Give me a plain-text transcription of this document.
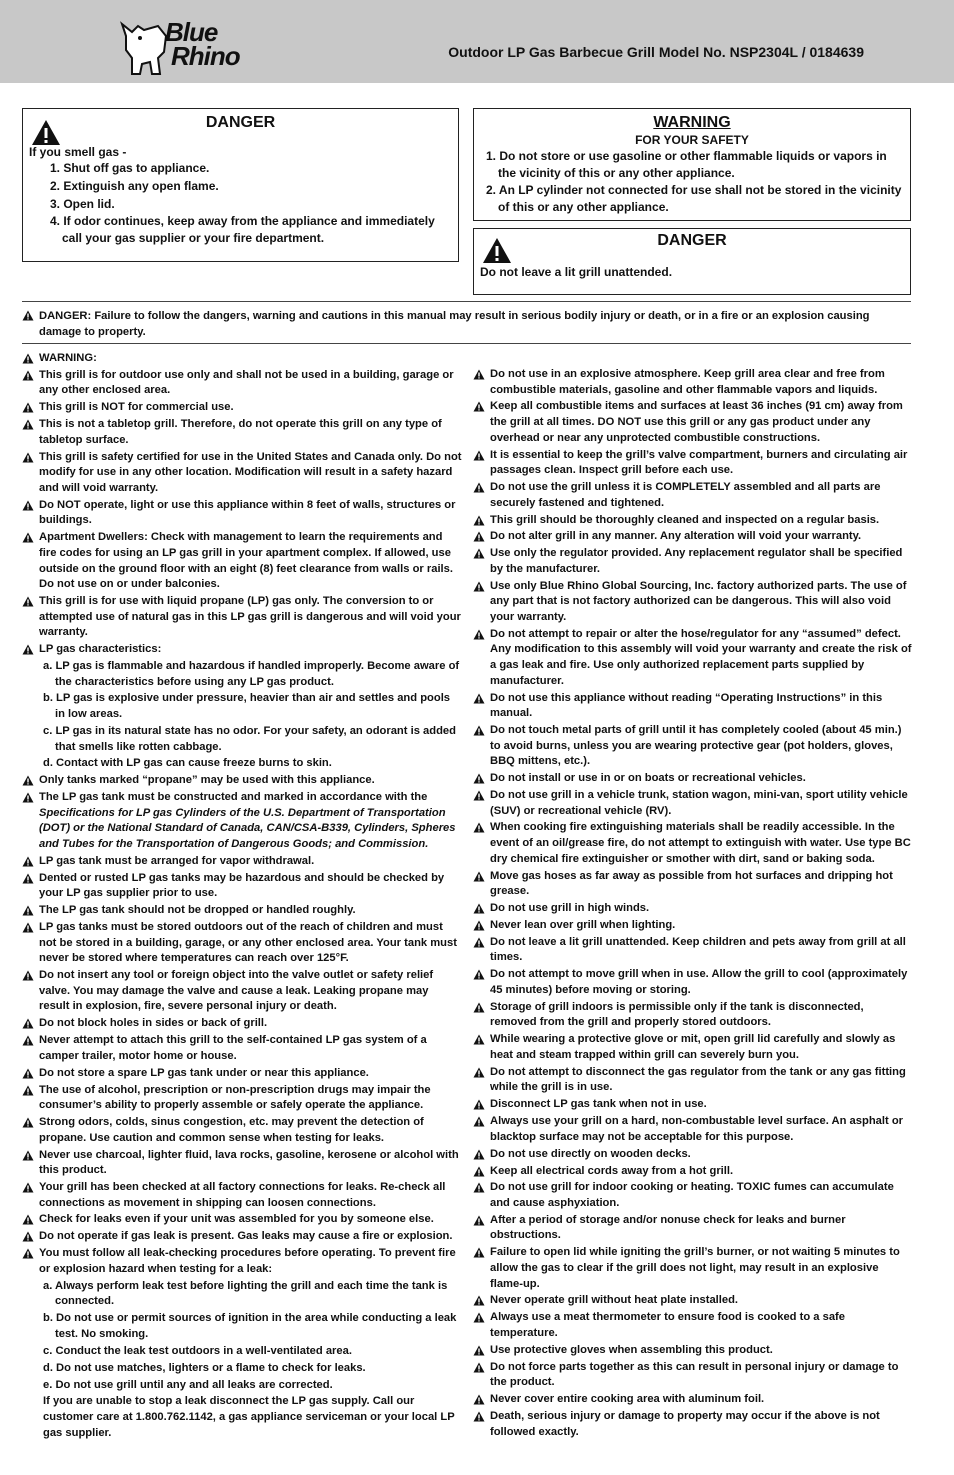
Blue
Rhino	Outdoor LP Gas Barbecue Grill Model No. NSP2304L / 0184639
DANGER
If you smell gas -
1. Shut off gas to appliance.
2. Extinguish any open flame.
3. Open lid.
4. If odor continues, keep away from the appliance and immediately call your gas supplier or your fire department.
WARNING
FOR YOUR SAFETY
1. Do not store or use gasoline or other flammable liquids or vapors in the vicinity of this or any other appliance.
2. An LP cylinder not connected for use shall not be stored in the vicinity of this or any other appliance.
DANGER
Do not leave a lit grill unattended.
DANGER: Failure to follow the dangers, warning and cautions in this manual may result in serious bodily injury or death, or in a fire or an explosion causing damage to property.
WARNING:
This grill is for outdoor use only and shall not be used in a building, garage or any other enclosed area.
This grill is NOT for commercial use.
This is not a tabletop grill. Therefore, do not operate this grill on any type of tabletop surface.
This grill is safety certified for use in the United States and Canada only. Do not modify for use in any other location. Modification will result in a safety hazard and will void warranty.
Do NOT operate, light or use this appliance within 8 feet of walls, structures or buildings.
Apartment Dwellers: Check with management to learn the requirements and fire codes for using an LP gas grill in your apartment complex. If allowed, use outside on the ground floor with an eight (8) feet clearance from walls or rails. Do not use on or under balconies.
This grill is for use with liquid propane (LP) gas only. The conversion to or attempted use of natural gas in this LP gas grill is dangerous and will void your warranty.
LP gas characteristics:
a. LP gas is flammable and hazardous if handled improperly. Become aware of the characteristics before using any LP gas product.
b. LP gas is explosive under pressure, heavier than air and settles and pools in low areas.
c. LP gas in its natural state has no odor. For your safety, an odorant is added that smells like rotten cabbage.
d. Contact with LP gas can cause freeze burns to skin.
Only tanks marked “propane” may be used with this appliance.
The LP gas tank must be constructed and marked in accordance with the Specifications for LP gas Cylinders of the U.S. Department of Transportation (DOT) or the National Standard of Canada, CAN/CSA-B339, Cylinders, Spheres and Tubes for the Transportation of Dangerous Goods; and Commission.
LP gas tank must be arranged for vapor withdrawal.
Dented or rusted LP gas tanks may be hazardous and should be checked by your LP gas supplier prior to use.
The LP gas tank should not be dropped or handled roughly.
LP gas tanks must be stored outdoors out of the reach of children and must not be stored in a building, garage, or any other enclosed area. Your tank must never be stored where temperatures can reach over 125°F.
Do not insert any tool or foreign object into the valve outlet or safety relief valve. You may damage the valve and cause a leak. Leaking propane may result in explosion, fire, severe personal injury or death.
Do not block holes in sides or back of grill.
Never attempt to attach this grill to the self-contained LP gas system of a camper trailer, motor home or house.
Do not store a spare LP gas tank under or near this appliance.
The use of alcohol, prescription or non-prescription drugs may impair the consumer’s ability to properly assemble or safely operate the appliance.
Strong odors, colds, sinus congestion, etc. may prevent the detection of propane. Use caution and common sense when testing for leaks.
Never use charcoal, lighter fluid, lava rocks, gasoline, kerosene or alcohol with this product.
Your grill has been checked at all factory connections for leaks. Re-check all connections as movement in shipping can loosen connections.
Check for leaks even if your unit was assembled for you by someone else.
Do not operate if gas leak is present. Gas leaks may cause a fire or explosion.
You must follow all leak-checking procedures before operating. To prevent fire or explosion hazard when testing for a leak:
a. Always perform leak test before lighting the grill and each time the tank is connected.
b. Do not use or permit sources of ignition in the area while conducting a leak test. No smoking.
c. Conduct the leak test outdoors in a well-ventilated area.
d. Do not use matches, lighters or a flame to check for leaks.
e. Do not use grill until any and all leaks are corrected.
If you are unable to stop a leak disconnect the LP gas supply. Call our customer care at 1.800.762.1142, a gas appliance serviceman or your local LP gas supplier.
Do not use in an explosive atmosphere. Keep grill area clear and free from combustible materials, gasoline and other flammable vapors and liquids.
Keep all combustible items and surfaces at least 36 inches (91 cm) away from the grill at all times. DO NOT use this grill or any gas product under any overhead or near any unprotected combustible constructions.
It is essential to keep the grill’s valve compartment, burners and circulating air passages clean. Inspect grill before each use.
Do not use the grill unless it is COMPLETELY assembled and all parts are securely fastened and tightened.
This grill should be thoroughly cleaned and inspected on a regular basis.
Do not alter grill in any manner. Any alteration will void your warranty.
Use only the regulator provided. Any replacement regulator shall be specified by the manufacturer.
Use only Blue Rhino Global Sourcing, Inc. factory authorized parts. The use of any part that is not factory authorized can be dangerous. This will also void your warranty.
Do not attempt to repair or alter the hose/regulator for any “assumed” defect. Any modification to this assembly will void your warranty and create the risk of a gas leak and fire. Use only authorized replacement parts supplied by manufacturer.
Do not use this appliance without reading “Operating Instructions” in this manual.
Do not touch metal parts of grill until it has completely cooled (about 45 min.) to avoid burns, unless you are wearing protective gear (pot holders, gloves, BBQ mittens, etc.).
Do not install or use in or on boats or recreational vehicles.
Do not use grill in a vehicle trunk, station wagon, mini-van, sport utility vehicle (SUV) or recreational vehicle (RV).
When cooking fire extinguishing materials shall be readily accessible. In the event of an oil/grease fire, do not attempt to extinguish with water. Use type BC dry chemical fire extinguisher or smother with dirt, sand or baking soda.
Move gas hoses as far away as possible from hot surfaces and dripping hot grease.
Do not use grill in high winds.
Never lean over grill when lighting.
Do not leave a lit grill unattended. Keep children and pets away from grill at all times.
Do not attempt to move grill when in use. Allow the grill to cool (approximately 45 minutes) before moving or storing.
Storage of grill indoors is permissible only if the tank is disconnected, removed from the grill and properly stored outdoors.
While wearing a protective glove or mit, open grill lid carefully and slowly as heat and steam trapped within grill can severely burn you.
Do not attempt to disconnect the gas regulator from the tank or any gas fitting while the grill is in use.
Disconnect LP gas tank when not in use.
Always use your grill on a hard, non-combustable level surface. An asphalt or blacktop surface may not be acceptable for this purpose.
Do not use directly on wooden decks.
Keep all electrical cords away from a hot grill.
Do not use grill for indoor cooking or heating. TOXIC fumes can accumulate and cause asphyxiation.
After a period of storage and/or nonuse check for leaks and burner obstructions.
Failure to open lid while igniting the grill’s burner, or not waiting 5 minutes to allow the gas to clear if the grill does not light, may result in an explosive flame-up.
Never operate grill without heat plate installed.
Always use a meat thermometer to ensure food is cooked to a safe temperature.
Use protective gloves when assembling this product.
Do not force parts together as this can result in personal injury or damage to the product.
Never cover entire cooking area with aluminum foil.
Death, serious injury or damage to property may occur if the above is not followed exactly.
